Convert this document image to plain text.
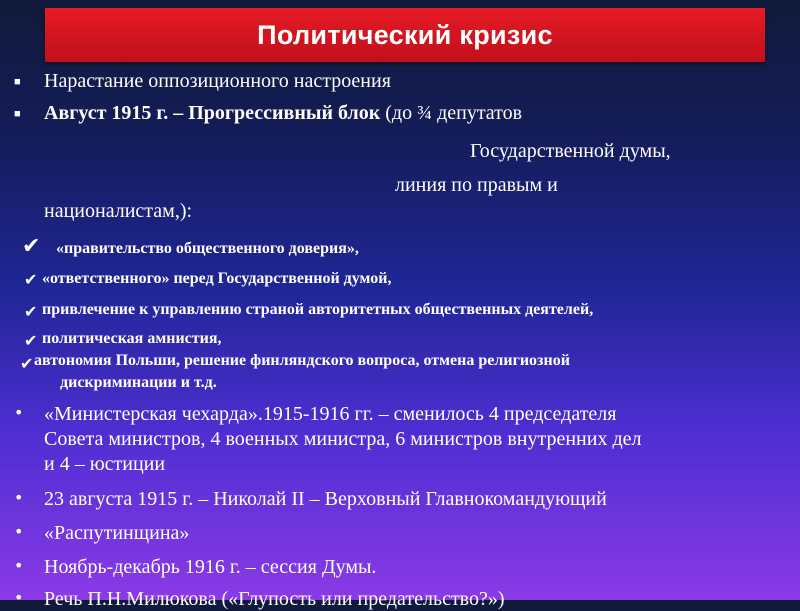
Политический кризис
■ Нарастание оппозиционного настроения
■ Август 1915 г. – Прогрессивный блок (до ¾ депутатов
Государственной думы,
линия по правым и
националистам,):
✔ «правительство общественного доверия»,
✔ «ответственного» перед Государственной думой,
✔ привлечение к управлению страной авторитетных общественных деятелей,
✔ политическая амнистия,
✔ автономия Польши, решение финляндского вопроса, отмена религиозной
дискриминации и т.д.
• «Министерская чехарда».1915-1916 гг. – сменилось 4 председателя
Совета министров, 4 военных министра, 6 министров внутренних дел
и 4 – юстиции
• 23 августа 1915 г. – Николай II – Верховный Главнокомандующий
• «Распутинщина»
• Ноябрь-декабрь 1916 г. – сессия Думы.
• Речь П.Н.Милюкова («Глупость или предательство?»)
